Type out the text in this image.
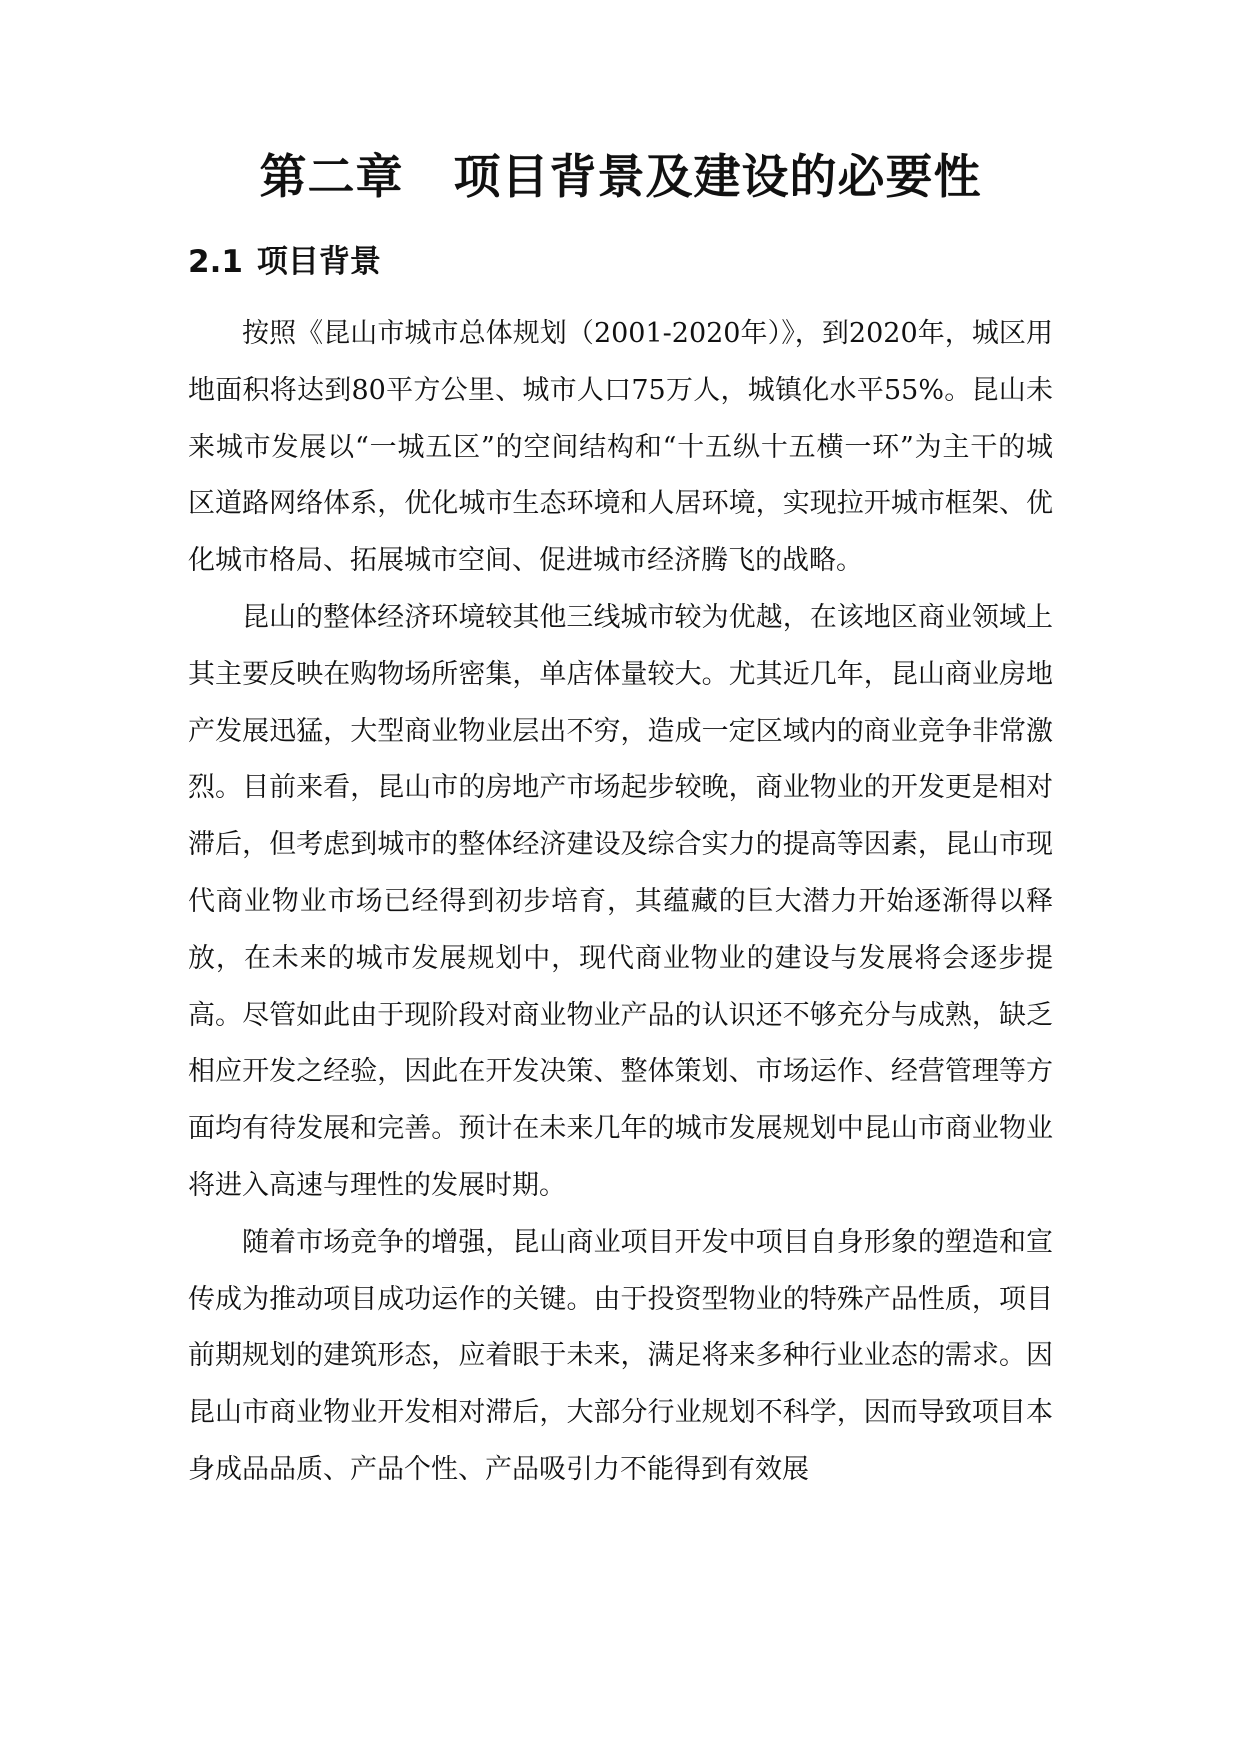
第二章 项目背景及建设的必要性
2.1 项目背景

按照《昆山市城市总体规划（2001-2020年）》，到2020年，城区用地面积将达到80平方公里、城市人口75万人，城镇化水平55%。昆山未来城市发展以“一城五区”的空间结构和“十五纵十五横一环”为主干的城区道路网络体系，优化城市生态环境和人居环境，实现拉开城市框架、优化城市格局、拓展城市空间、促进城市经济腾飞的战略。

昆山的整体经济环境较其他三线城市较为优越，在该地区商业领域上其主要反映在购物场所密集，单店体量较大。尤其近几年，昆山商业房地产发展迅猛，大型商业物业层出不穷，造成一定区域内的商业竞争非常激烈。目前来看，昆山市的房地产市场起步较晚，商业物业的开发更是相对滞后，但考虑到城市的整体经济建设及综合实力的提高等因素，昆山市现代商业物业市场已经得到初步培育，其蕴藏的巨大潜力开始逐渐得以释放，在未来的城市发展规划中，现代商业物业的建设与发展将会逐步提高。尽管如此由于现阶段对商业物业产品的认识还不够充分与成熟，缺乏相应开发之经验，因此在开发决策、整体策划、市场运作、经营管理等方面均有待发展和完善。预计在未来几年的城市发展规划中昆山市商业物业将进入高速与理性的发展时期。

随着市场竞争的增强，昆山商业项目开发中项目自身形象的塑造和宣传成为推动项目成功运作的关键。由于投资型物业的特殊产品性质，项目前期规划的建筑形态，应着眼于未来，满足将来多种行业业态的需求。因昆山市商业物业开发相对滞后，大部分行业规划不科学，因而导致项目本身成品品质、产品个性、产品吸引力不能得到有效展
